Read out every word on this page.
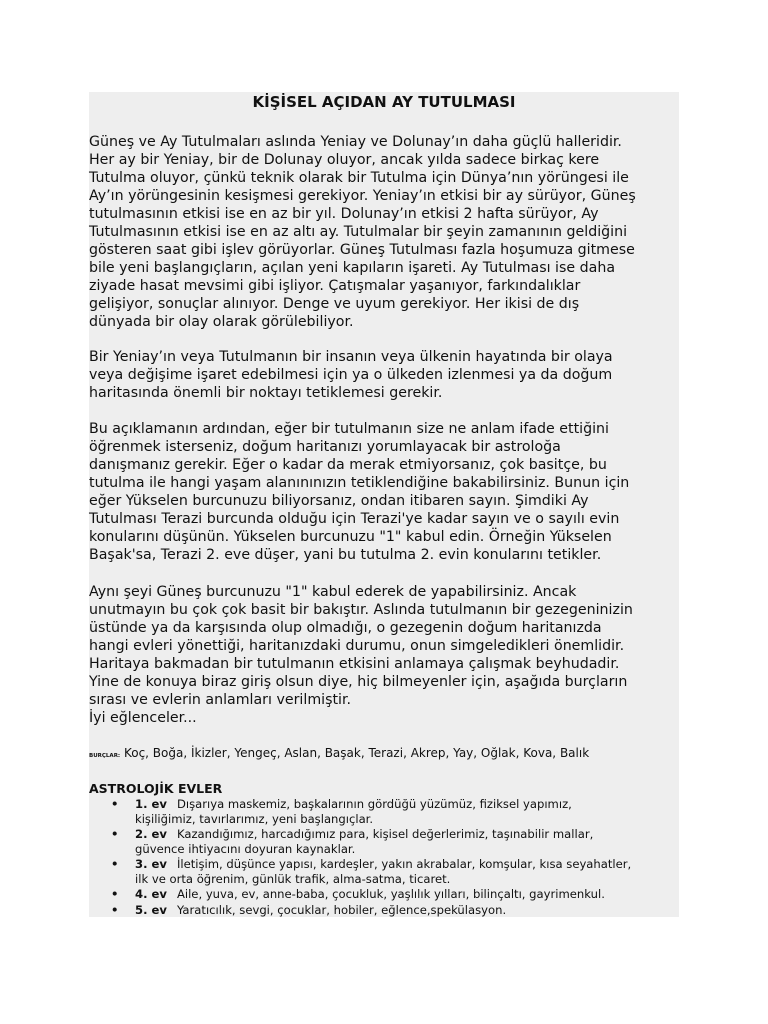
KİŞİSEL AÇIDAN AY TUTULMASI

Güneş ve Ay Tutulmaları aslında Yeniay ve Dolunay’ın daha güçlü halleridir.
Her ay bir Yeniay, bir de Dolunay oluyor, ancak yılda sadece birkaç kere
Tutulma oluyor, çünkü teknik olarak bir Tutulma için Dünya’nın yörüngesi ile
Ay’ın yörüngesinin kesişmesi gerekiyor. Yeniay’ın etkisi bir ay sürüyor, Güneş
tutulmasının etkisi ise en az bir yıl. Dolunay’ın etkisi 2 hafta sürüyor, Ay
Tutulmasının etkisi ise en az altı ay. Tutulmalar bir şeyin zamanının geldiğini
gösteren saat gibi işlev görüyorlar. Güneş Tutulması fazla hoşumuza gitmese
bile yeni başlangıçların, açılan yeni kapıların işareti. Ay Tutulması ise daha
ziyade hasat mevsimi gibi işliyor. Çatışmalar yaşanıyor, farkındalıklar
gelişiyor, sonuçlar alınıyor. Denge ve uyum gerekiyor. Her ikisi de dış
dünyada bir olay olarak görülebiliyor.

Bir Yeniay’ın veya Tutulmanın bir insanın veya ülkenin hayatında bir olaya
veya değişime işaret edebilmesi için ya o ülkeden izlenmesi ya da doğum
haritasında önemli bir noktayı tetiklemesi gerekir.

Bu açıklamanın ardından, eğer bir tutulmanın size ne anlam ifade ettiğini
öğrenmek isterseniz, doğum haritanızı yorumlayacak bir astroloğa
danışmanız gerekir. Eğer o kadar da merak etmiyorsanız, çok basitçe, bu
tutulma ile hangi yaşam alanınınızın tetiklendiğine bakabilirsiniz. Bunun için
eğer Yükselen burcunuzu biliyorsanız, ondan itibaren sayın. Şimdiki Ay
Tutulması Terazi burcunda olduğu için Terazi'ye kadar sayın ve o sayılı evin
konularını düşünün. Yükselen burcunuzu "1" kabul edin. Örneğin Yükselen
Başak'sa, Terazi 2. eve düşer, yani bu tutulma 2. evin konularını tetikler.

Aynı şeyi Güneş burcunuzu "1" kabul ederek de yapabilirsiniz. Ancak
unutmayın bu çok çok basit bir bakıştır. Aslında tutulmanın bir gezegeninizin
üstünde ya da karşısında olup olmadığı, o gezegenin doğum haritanızda
hangi evleri yönettiği, haritanızdaki durumu, onun simgeledikleri önemlidir.
Haritaya bakmadan bir tutulmanın etkisini anlamaya çalışmak beyhudadir.
Yine de konuya biraz giriş olsun diye, hiç bilmeyenler için, aşağıda burçların
sırası ve evlerin anlamları verilmiştir.
İyi eğlenceler...

BURÇLAR: Koç, Boğa, İkizler, Yengeç, Aslan, Başak, Terazi, Akrep, Yay, Oğlak, Kova, Balık

ASTROLOJİK EVLER
• 1. ev Dışarıya maskemiz, başkalarının gördüğü yüzümüz, fiziksel yapımız,
kişiliğimiz, tavırlarımız, yeni başlangıçlar.
• 2. ev Kazandığımız, harcadığımız para, kişisel değerlerimiz, taşınabilir mallar,
güvence ihtiyacını doyuran kaynaklar.
• 3. ev İletişim, düşünce yapısı, kardeşler, yakın akrabalar, komşular, kısa seyahatler,
ilk ve orta öğrenim, günlük trafik, alma-satma, ticaret.
• 4. ev Aile, yuva, ev, anne-baba, çocukluk, yaşlılık yılları, bilinçaltı, gayrimenkul.
• 5. ev Yaratıcılık, sevgi, çocuklar, hobiler, eğlence,spekülasyon.
